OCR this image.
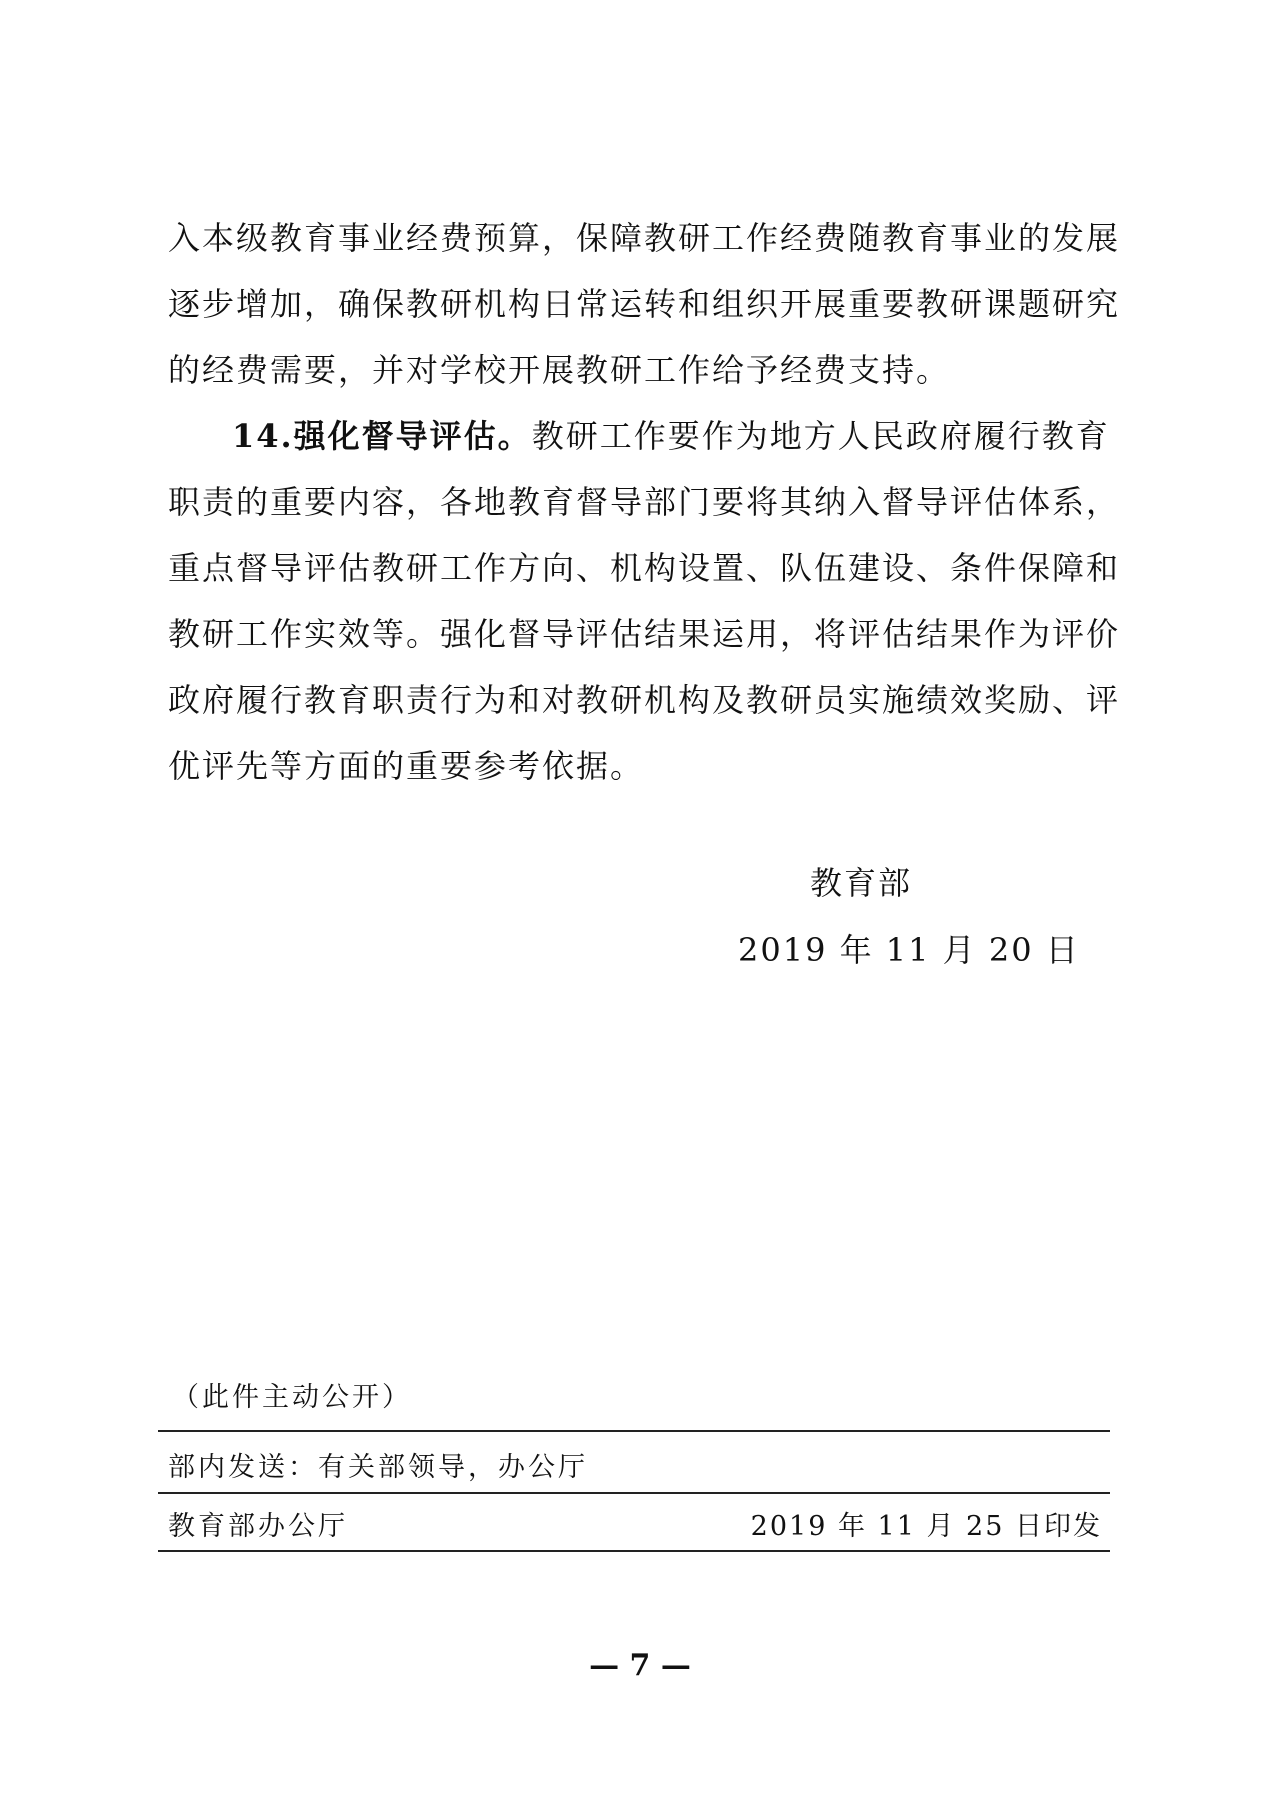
入本级教育事业经费预算，保障教研工作经费随教育事业的发展
逐步增加，确保教研机构日常运转和组织开展重要教研课题研究
的经费需要，并对学校开展教研工作给予经费支持。
14.强化督导评估。教研工作要作为地方人民政府履行教育
职责的重要内容，各地教育督导部门要将其纳入督导评估体系，
重点督导评估教研工作方向、机构设置、队伍建设、条件保障和
教研工作实效等。强化督导评估结果运用，将评估结果作为评价
政府履行教育职责行为和对教研机构及教研员实施绩效奖励、评
优评先等方面的重要参考依据。
教育部
2019 年 11 月 20 日
（此件主动公开）
部内发送：有关部领导，办公厅
教育部办公厅	2019 年 11 月 25 日印发
— 7 —
